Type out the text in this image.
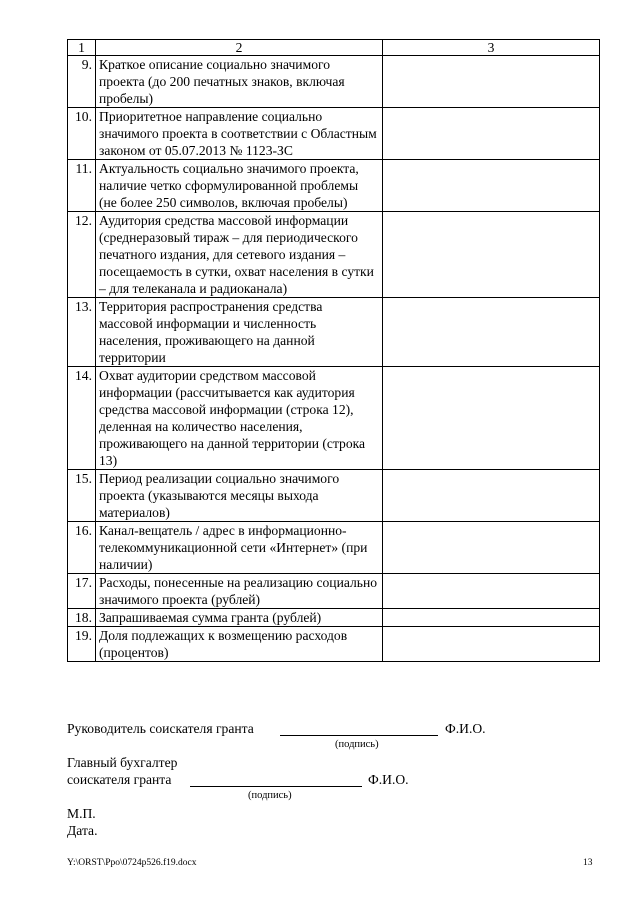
1	2	3
9.	Краткое описание социально значимого проекта (до 200 печатных знаков, включая пробелы)	
10.	Приоритетное направление социально значимого проекта в соответствии с Областным законом от 05.07.2013 № 1123-ЗС	
11.	Актуальность социально значимого проекта, наличие четко сформулированной проблемы (не более 250 символов, включая пробелы)	
12.	Аудитория средства массовой информации (среднеразовый тираж – для периодического печатного издания, для сетевого издания – посещаемость в сутки, охват населения в сутки – для телеканала и радиоканала)	
13.	Территория распространения средства массовой информации и численность населения, проживающего на данной территории	
14.	Охват аудитории средством массовой информации (рассчитывается как аудитория средства массовой информации (строка 12), деленная на количество населения, проживающего на данной территории (строка 13)	
15.	Период реализации социально значимого проекта (указываются месяцы выхода материалов)	
16.	Канал-вещатель / адрес в информационно-телекоммуникационной сети «Интернет» (при наличии)	
17.	Расходы, понесенные на реализацию социально значимого проекта (рублей)	
18.	Запрашиваемая сумма гранта (рублей)	
19.	Доля подлежащих к возмещению расходов (процентов)	
Руководитель соискателя гранта	Ф.И.О.
(подпись)
Главный бухгалтер
соискателя гранта	Ф.И.О.
(подпись)
М.П.
Дата.
Y:\ORST\Ppo\0724p526.f19.docx	13
